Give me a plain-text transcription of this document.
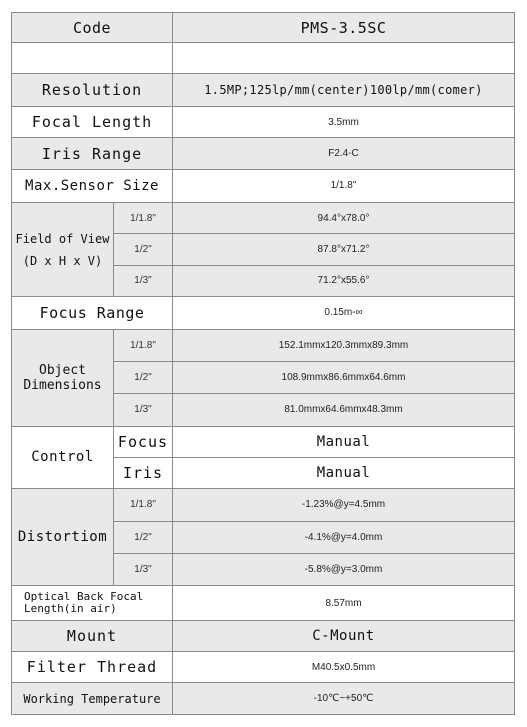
Code		PMS-3.5SC

Resolution		1.5MP;125lp/mm(center)100lp/mm(comer)
Focal Length		3.5mm
Iris Range		F2.4-C
Max.Sensor Size		1/1.8"
Field of View
(D x H x V)	1/1.8"	94.4°x78.0°
	1/2"	87.8°x71.2°
	1/3"	71.2°x55.6°
Focus Range		0.15m-∞
Object
Dimensions	1/1.8"	152.1mmx120.3mmx89.3mm
	1/2"	108.9mmx86.6mmx64.6mm
	1/3"	81.0mmx64.6mmx48.3mm
Control	Focus	Manual
	Iris	Manual
Distortiom	1/1.8"	-1.23%@y=4.5mm
	1/2"	-4.1%@y=4.0mm
	1/3"	-5.8%@y=3.0mm
Optical Back Focal
Length(in air)		8.57mm
Mount		C-Mount
Filter Thread		M40.5x0.5mm
Working Temperature		-10℃~+50℃
